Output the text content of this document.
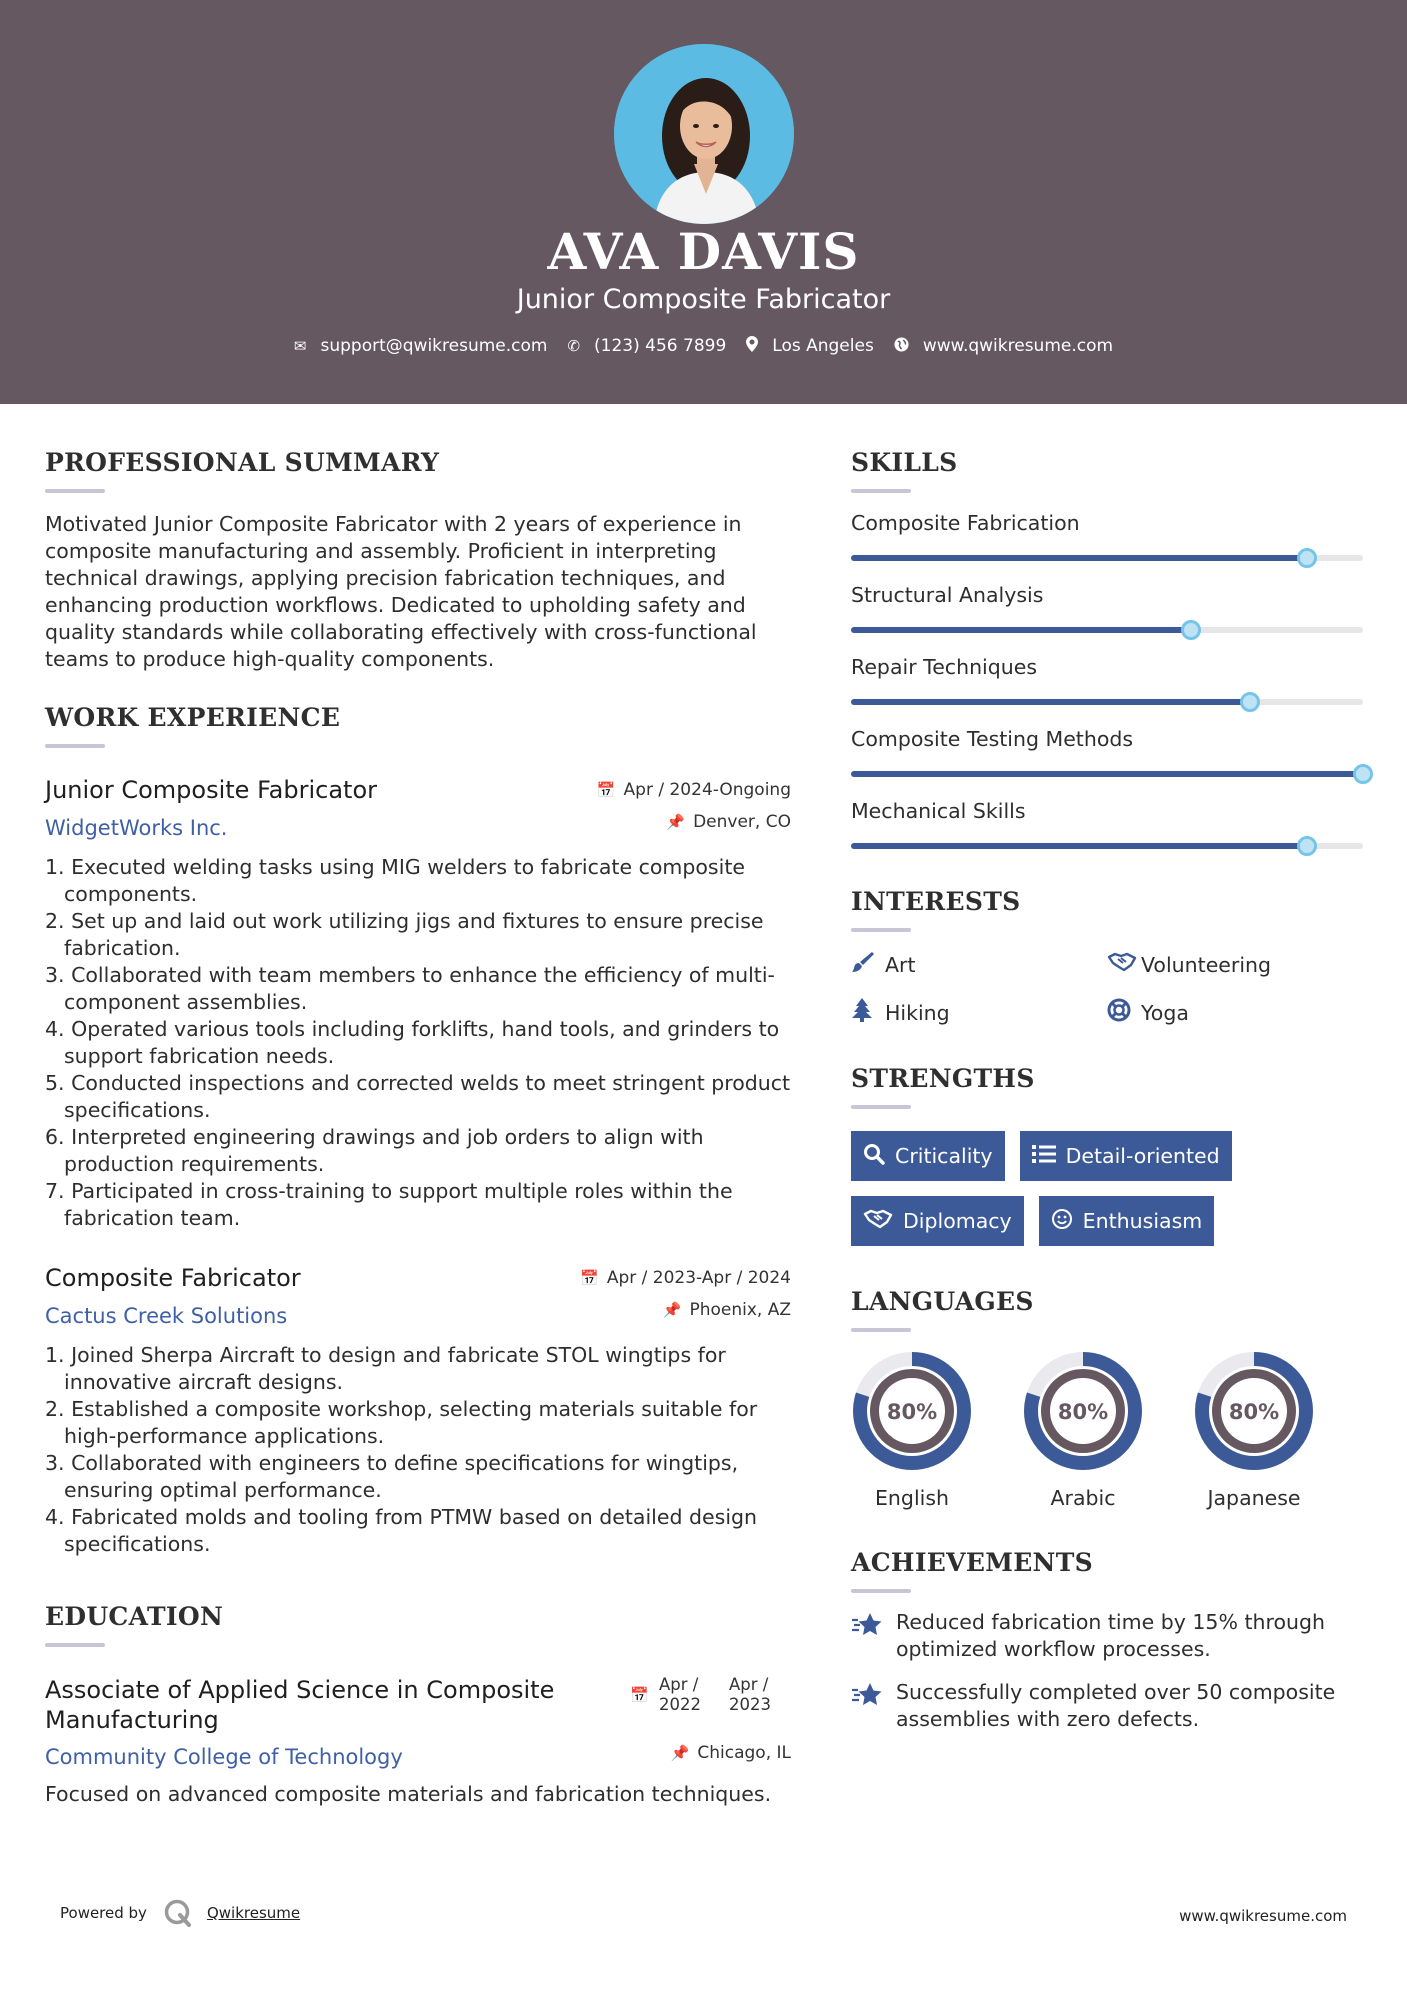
AVA DAVIS
Junior Composite Fabricator
✉ support@qwikresume.com ✆ (123) 456 7899	Los Angeles	www.qwikresume.com
PROFESSIONAL SUMMARY
Motivated Junior Composite Fabricator with 2 years of experience in composite manufacturing and assembly. Proficient in interpreting technical drawings, applying precision fabrication techniques, and enhancing production workflows. Dedicated to upholding safety and quality standards while collaborating effectively with cross-functional teams to produce high-quality components.
WORK EXPERIENCE
Junior Composite Fabricator
WidgetWorks Inc.
📅 Apr / 2024-Ongoing
📌 Denver, CO
1. Executed welding tasks using MIG welders to fabricate composite components.
2. Set up and laid out work utilizing jigs and fixtures to ensure precise fabrication.
3. Collaborated with team members to enhance the efficiency of multi-component assemblies.
4. Operated various tools including forklifts, hand tools, and grinders to support fabrication needs.
5. Conducted inspections and corrected welds to meet stringent product specifications.
6. Interpreted engineering drawings and job orders to align with production requirements.
7. Participated in cross-training to support multiple roles within the fabrication team.
Composite Fabricator
Cactus Creek Solutions
📅 Apr / 2023-Apr / 2024
📌 Phoenix, AZ
1. Joined Sherpa Aircraft to design and fabricate STOL wingtips for innovative aircraft designs.
2. Established a composite workshop, selecting materials suitable for high-performance applications.
3. Collaborated with engineers to define specifications for wingtips, ensuring optimal performance.
4. Fabricated molds and tooling from PTMW based on detailed design specifications.
EDUCATION
Associate of Applied Science in Composite Manufacturing
Community College of Technology
📅
Apr /
2022
Apr /
2023
📌 Chicago, IL
Focused on advanced composite materials and fabrication techniques.
SKILLS
Composite Fabrication
Structural Analysis
Repair Techniques
Composite Testing Methods
Mechanical Skills
INTERESTS
Art	Volunteering
Hiking	Yoga
STRENGTHS
Criticality	Detail-oriented
Diplomacy	Enthusiasm
LANGUAGES
80%
English
80%
Arabic
80%
Japanese
ACHIEVEMENTS
Reduced fabrication time by 15% through optimized workflow processes.
Successfully completed over 50 composite assemblies with zero defects.
Powered by	Qwikresume	www.qwikresume.com
